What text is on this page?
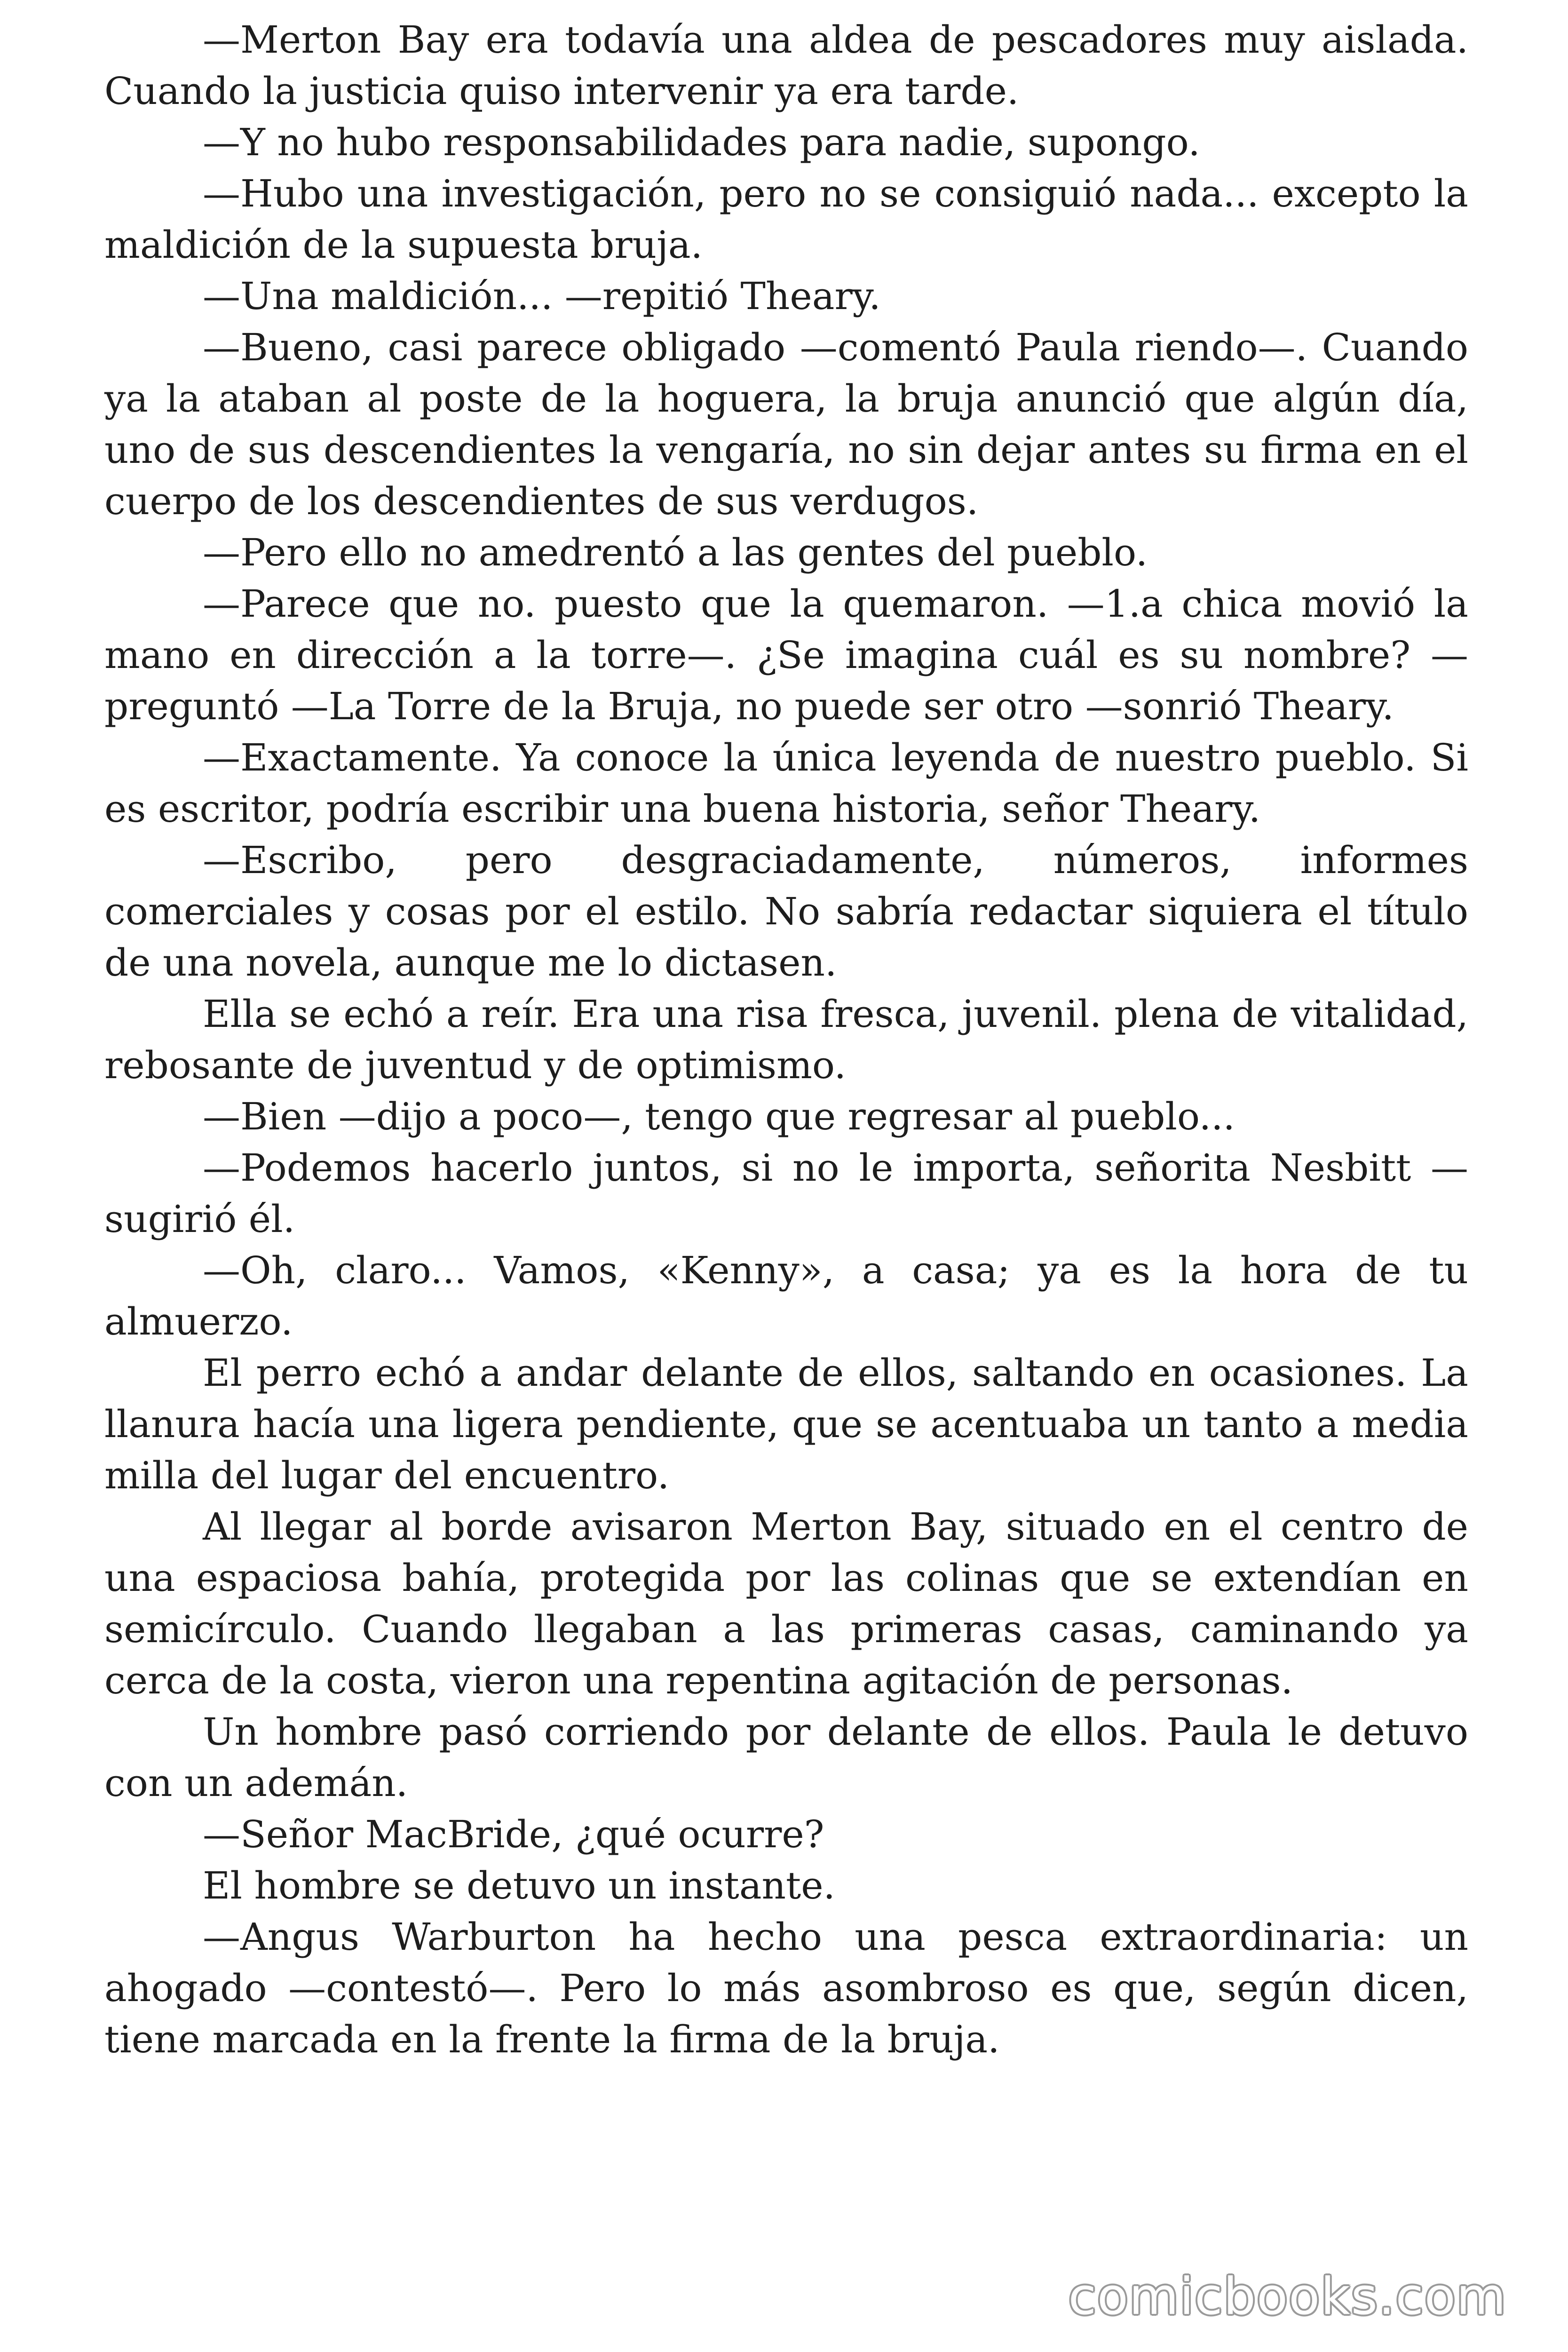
—Merton Bay era todavía una aldea de pescadores muy aislada. Cuando la justicia quiso intervenir ya era tarde.

—Y no hubo responsabilidades para nadie, supongo.

—Hubo una investigación, pero no se consiguió nada... excepto la maldición de la supuesta bruja.

—Una maldición... —repitió Theary.

—Bueno, casi parece obligado —comentó Paula riendo—. Cuando ya la ataban al poste de la hoguera, la bruja anunció que algún día, uno de sus descendientes la vengaría, no sin dejar antes su firma en el cuerpo de los descendientes de sus verdugos.

—Pero ello no amedrentó a las gentes del pueblo.

—Parece que no. puesto que la quemaron. —1.a chica movió la mano en dirección a la torre—. ¿Se imagina cuál es su nombre? —preguntó —La Torre de la Bruja, no puede ser otro —sonrió Theary.

—Exactamente. Ya conoce la única leyenda de nuestro pueblo. Si es escritor, podría escribir una buena historia, señor Theary.

—Escribo, pero desgraciadamente, números, informes comerciales y cosas por el estilo. No sabría redactar siquiera el título de una novela, aunque me lo dictasen.

Ella se echó a reír. Era una risa fresca, juvenil. plena de vitalidad, rebosante de juventud y de optimismo.

—Bien —dijo a poco—, tengo que regresar al pueblo...

—Podemos hacerlo juntos, si no le importa, señorita Nesbitt —sugirió él.

—Oh, claro... Vamos, «Kenny», a casa; ya es la hora de tu almuerzo.

El perro echó a andar delante de ellos, saltando en ocasiones. La llanura hacía una ligera pendiente, que se acentuaba un tanto a media milla del lugar del encuentro.

Al llegar al borde avisaron Merton Bay, situado en el centro de una espaciosa bahía, protegida por las colinas que se extendían en semicírculo. Cuando llegaban a las primeras casas, caminando ya cerca de la costa, vieron una repentina agitación de personas.

Un hombre pasó corriendo por delante de ellos. Paula le detuvo con un ademán.

—Señor MacBride, ¿qué ocurre?

El hombre se detuvo un instante.

—Angus Warburton ha hecho una pesca extraordinaria: un ahogado —contestó—. Pero lo más asombroso es que, según dicen, tiene marcada en la frente la firma de la bruja.

comicbooks.com
